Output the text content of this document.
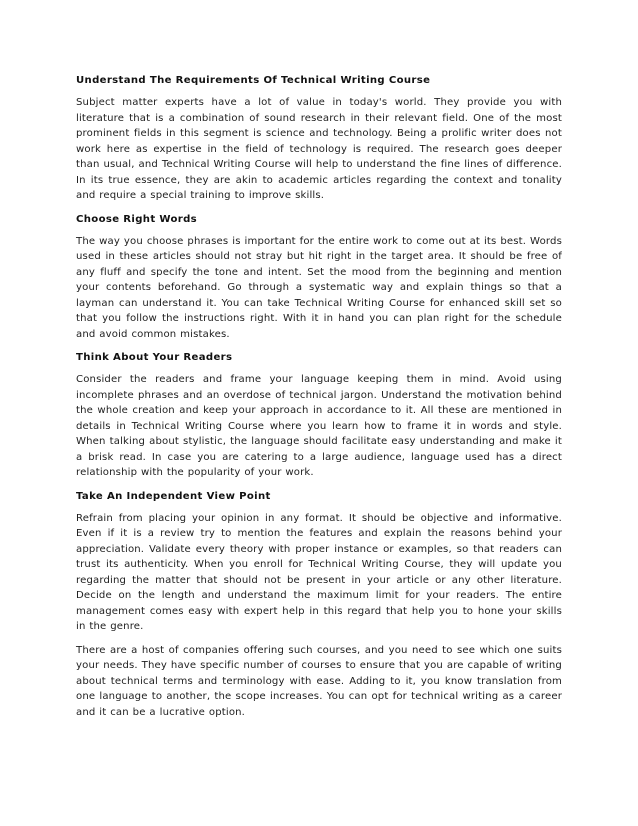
Understand The Requirements Of Technical Writing Course

Subject matter experts have a lot of value in today's world. They provide you with literature that is a combination of sound research in their relevant field. One of the most prominent fields in this segment is science and technology. Being a prolific writer does not work here as expertise in the field of technology is required. The research goes deeper than usual, and Technical Writing Course will help to understand the fine lines of difference. In its true essence, they are akin to academic articles regarding the context and tonality and require a special training to improve skills.

Choose Right Words

The way you choose phrases is important for the entire work to come out at its best. Words used in these articles should not stray but hit right in the target area. It should be free of any fluff and specify the tone and intent. Set the mood from the beginning and mention your contents beforehand. Go through a systematic way and explain things so that a layman can understand it. You can take Technical Writing Course for enhanced skill set so that you follow the instructions right. With it in hand you can plan right for the schedule and avoid common mistakes.

Think About Your Readers

Consider the readers and frame your language keeping them in mind. Avoid using incomplete phrases and an overdose of technical jargon. Understand the motivation behind the whole creation and keep your approach in accordance to it. All these are mentioned in details in Technical Writing Course where you learn how to frame it in words and style. When talking about stylistic, the language should facilitate easy understanding and make it a brisk read. In case you are catering to a large audience, language used has a direct relationship with the popularity of your work.

Take An Independent View Point

Refrain from placing your opinion in any format. It should be objective and informative. Even if it is a review try to mention the features and explain the reasons behind your appreciation. Validate every theory with proper instance or examples, so that readers can trust its authenticity. When you enroll for Technical Writing Course, they will update you regarding the matter that should not be present in your article or any other literature. Decide on the length and understand the maximum limit for your readers. The entire management comes easy with expert help in this regard that help you to hone your skills in the genre.

There are a host of companies offering such courses, and you need to see which one suits your needs. They have specific number of courses to ensure that you are capable of writing about technical terms and terminology with ease. Adding to it, you know translation from one language to another, the scope increases. You can opt for technical writing as a career and it can be a lucrative option.
